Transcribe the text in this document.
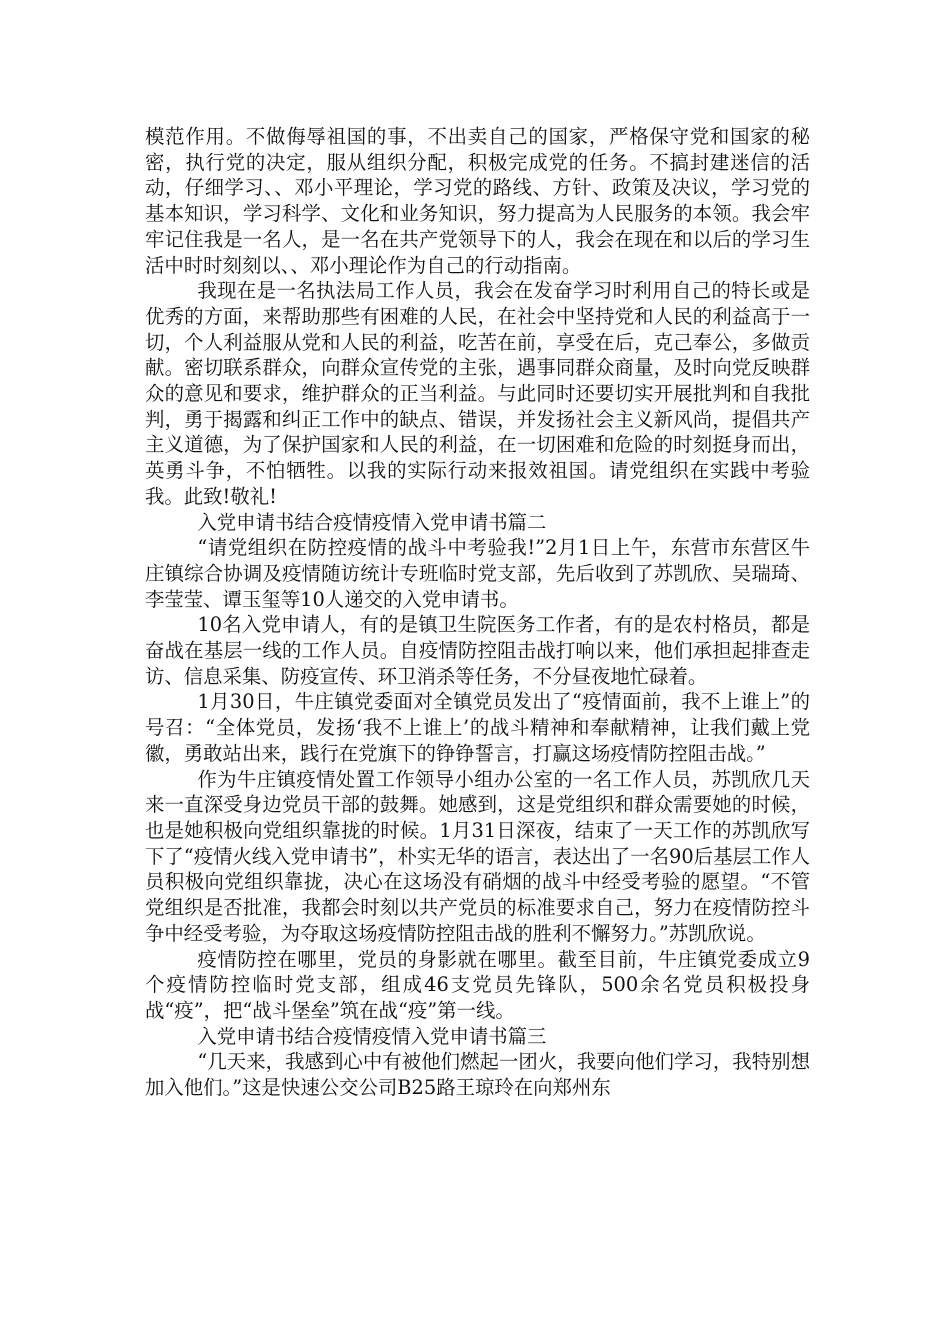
模范作用。不做侮辱祖国的事，不出卖自己的国家，严格保守党和国家的秘密，执行党的决定，服从组织分配，积极完成党的任务。不搞封建迷信的活动，仔细学习、、邓小平理论，学习党的路线、方针、政策及决议，学习党的基本知识，学习科学、文化和业务知识，努力提高为人民服务的本领。我会牢牢记住我是一名人，是一名在共产党领导下的人，我会在现在和以后的学习生活中时时刻刻以、、邓小理论作为自己的行动指南。

我现在是一名执法局工作人员，我会在发奋学习时利用自己的特长或是优秀的方面，来帮助那些有困难的人民，在社会中坚持党和人民的利益高于一切，个人利益服从党和人民的利益，吃苦在前，享受在后，克己奉公，多做贡献。密切联系群众，向群众宣传党的主张，遇事同群众商量，及时向党反映群众的意见和要求，维护群众的正当利益。与此同时还要切实开展批判和自我批判，勇于揭露和纠正工作中的缺点、错误，并发扬社会主义新风尚，提倡共产主义道德，为了保护国家和人民的利益，在一切困难和危险的时刻挺身而出，英勇斗争，不怕牺牲。以我的实际行动来报效祖国。请党组织在实践中考验我。此致!敬礼!

入党申请书结合疫情疫情入党申请书篇二

“请党组织在防控疫情的战斗中考验我!”2月1日上午，东营市东营区牛庄镇综合协调及疫情随访统计专班临时党支部，先后收到了苏凯欣、吴瑞琦、李莹莹、谭玉玺等10人递交的入党申请书。

10名入党申请人，有的是镇卫生院医务工作者，有的是农村格员，都是奋战在基层一线的工作人员。自疫情防控阻击战打响以来，他们承担起排查走访、信息采集、防疫宣传、环卫消杀等任务，不分昼夜地忙碌着。

1月30日，牛庄镇党委面对全镇党员发出了“疫情面前，我不上谁上”的号召：“全体党员，发扬‘我不上谁上’的战斗精神和奉献精神，让我们戴上党徽，勇敢站出来，践行在党旗下的铮铮誓言，打赢这场疫情防控阻击战。”

作为牛庄镇疫情处置工作领导小组办公室的一名工作人员，苏凯欣几天来一直深受身边党员干部的鼓舞。她感到，这是党组织和群众需要她的时候，也是她积极向党组织靠拢的时候。1月31日深夜，结束了一天工作的苏凯欣写下了“疫情火线入党申请书”，朴实无华的语言，表达出了一名90后基层工作人员积极向党组织靠拢，决心在这场没有硝烟的战斗中经受考验的愿望。“不管党组织是否批准，我都会时刻以共产党员的标准要求自己，努力在疫情防控斗争中经受考验，为夺取这场疫情防控阻击战的胜利不懈努力。”苏凯欣说。

疫情防控在哪里，党员的身影就在哪里。截至目前，牛庄镇党委成立9个疫情防控临时党支部，组成46支党员先锋队，500余名党员积极投身战“疫”，把“战斗堡垒”筑在战“疫”第一线。

入党申请书结合疫情疫情入党申请书篇三

“几天来，我感到心中有被他们燃起一团火，我要向他们学习，我特别想加入他们。”这是快速公交公司B25路王琼玲在向郑州东
